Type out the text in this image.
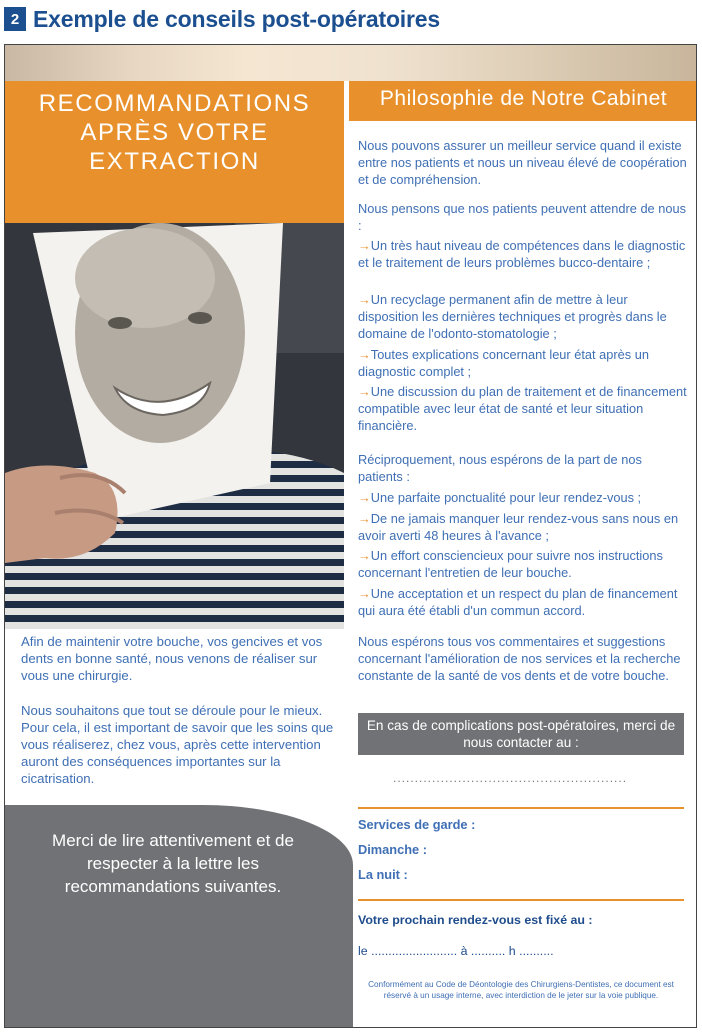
2 Exemple de conseils post-opératoires
RECOMMANDATIONS
APRÈS VOTRE
EXTRACTION
Philosophie de Notre Cabinet
Afin de maintenir votre bouche, vos gencives et vos dents en bonne santé, nous venons de réaliser sur vous une chirurgie.
Nous souhaitons que tout se déroule pour le mieux. Pour cela, il est important de savoir que les soins que vous réaliserez, chez vous, après cette intervention auront des conséquences importantes sur la cicatrisation.
Merci de lire attentivement et de respecter à la lettre les recommandations suivantes.
Nous pouvons assurer un meilleur service quand il existe entre nos patients et nous un niveau élevé de coopération et de compréhension.
Nous pensons que nos patients peuvent attendre de nous :
→Un très haut niveau de compétences dans le diagnostic et le traitement de leurs problèmes bucco-dentaire ;
→Un recyclage permanent afin de mettre à leur disposition les dernières techniques et progrès dans le domaine de l'odonto-stomatologie ;
→Toutes explications concernant leur état après un diagnostic complet ;
→Une discussion du plan de traitement et de financement compatible avec leur état de santé et leur situation financière.
Réciproquement, nous espérons de la part de nos patients :
→Une parfaite ponctualité pour leur rendez-vous ;
→De ne jamais manquer leur rendez-vous sans nous en avoir averti 48 heures à l'avance ;
→Un effort consciencieux pour suivre nos instructions concernant l'entretien de leur bouche.
→Une acceptation et un respect du plan de financement qui aura été établi d'un commun accord.
Nous espérons tous vos commentaires et suggestions concernant l'amélioration de nos services et la recherche constante de la santé de vos dents et de votre bouche.
En cas de complications post-opératoires, merci de nous contacter au :
......................................................
Services de garde :
Dimanche :
La nuit :
Votre prochain rendez-vous est fixé au :
le ......................... à .......... h ..........
Conformément au Code de Déontologie des Chirurgiens-Dentistes, ce document est réservé à un usage interne, avec interdiction de le jeter sur la voie publique.
